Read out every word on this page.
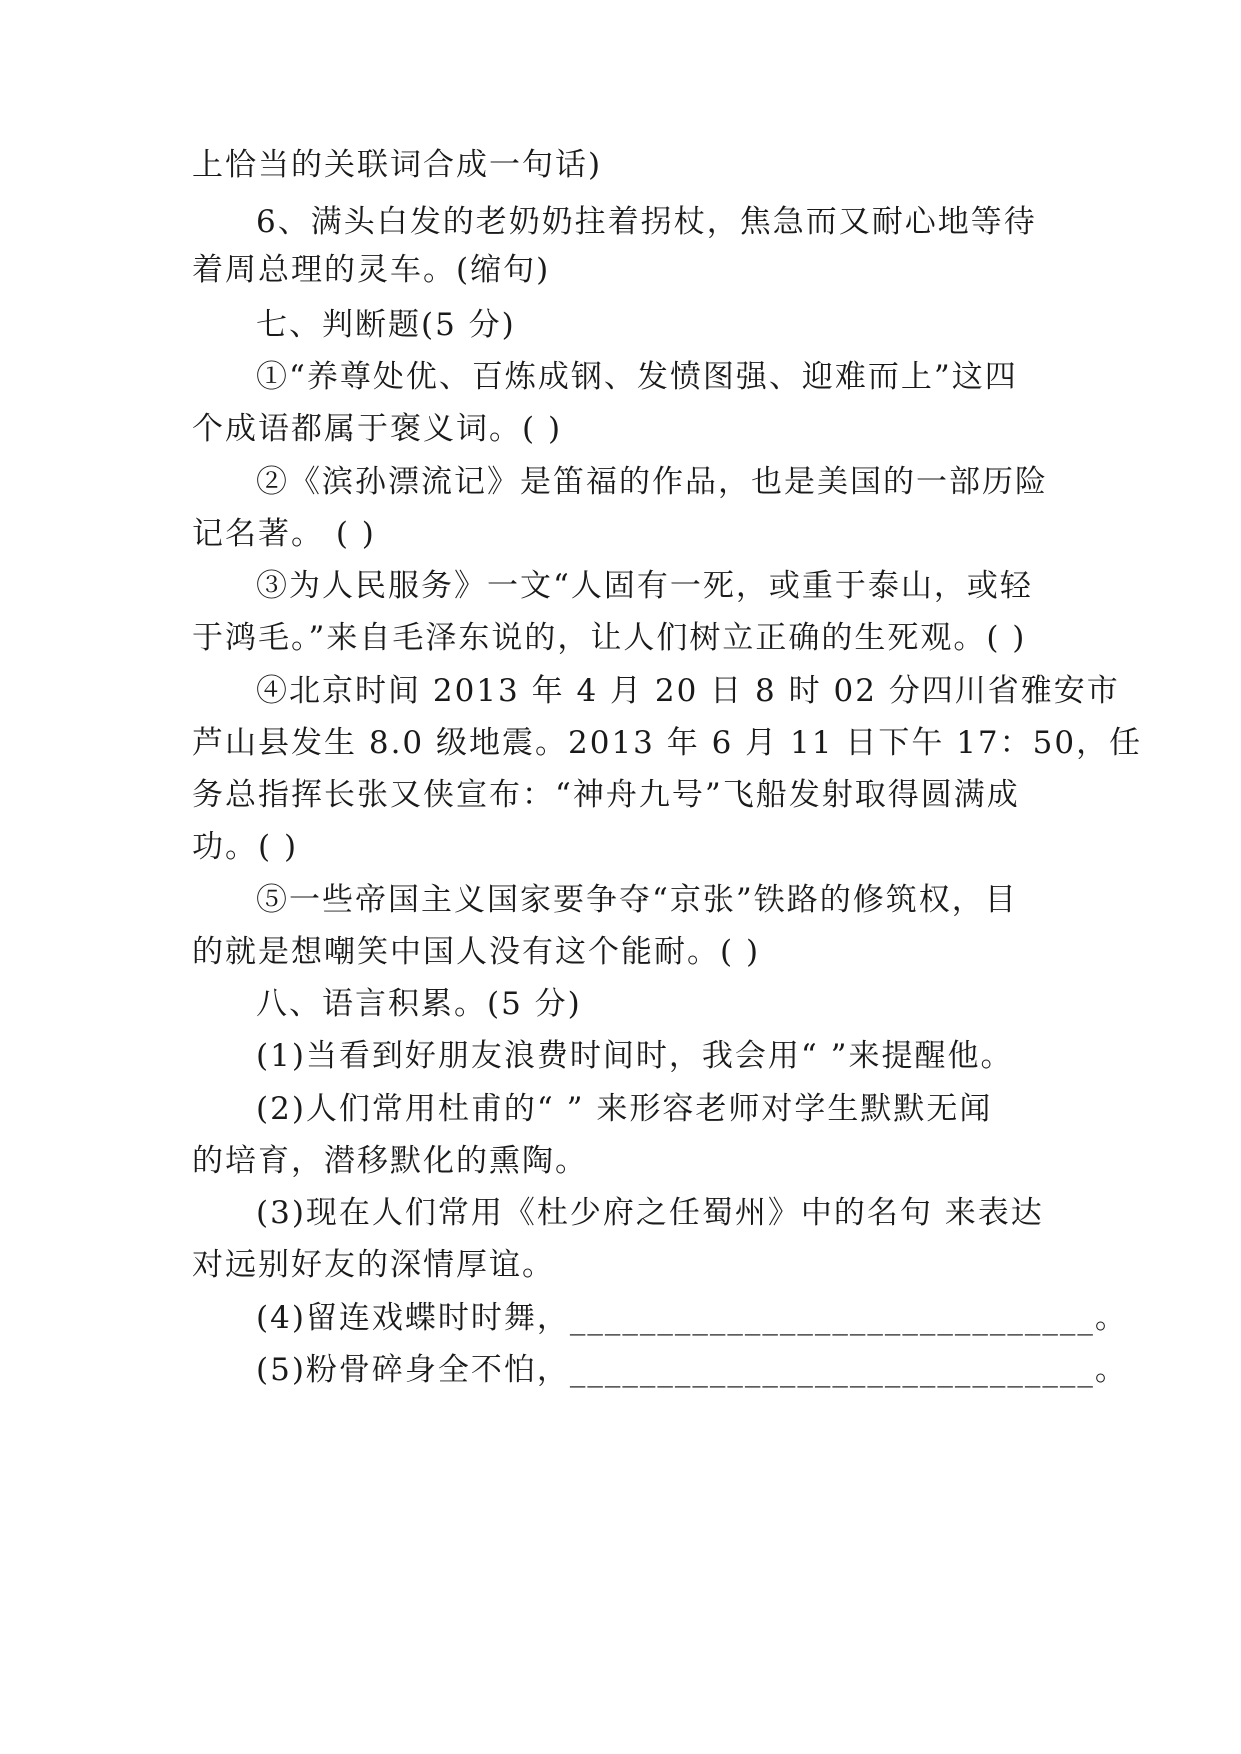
上恰当的关联词合成一句话)
6、满头白发的老奶奶拄着拐杖，焦急而又耐心地等待
着周总理的灵车。(缩句)
七、判断题(5 分)
①“养尊处优、百炼成钢、发愤图强、迎难而上”这四
个成语都属于褒义词。( )
②《滨孙漂流记》是笛福的作品，也是美国的一部历险
记名著。 ( )
③为人民服务》一文“人固有一死，或重于泰山，或轻
于鸿毛。”来自毛泽东说的，让人们树立正确的生死观。( )
④北京时间 2013 年 4 月 20 日 8 时 02 分四川省雅安市
芦山县发生 8.0 级地震。2013 年 6 月 11 日下午 17：50，任
务总指挥长张又侠宣布：“神舟九号”飞船发射取得圆满成
功。( )
⑤一些帝国主义国家要争夺“京张”铁路的修筑权，目
的就是想嘲笑中国人没有这个能耐。( )
八、语言积累。(5 分)
(1)当看到好朋友浪费时间时，我会用“ ”来提醒他。
(2)人们常用杜甫的“ ” 来形容老师对学生默默无闻
的培育，潜移默化的熏陶。
(3)现在人们常用《杜少府之任蜀州》中的名句 来表达
对远别好友的深情厚谊。
(4)留连戏蝶时时舞，______________________________。
(5)粉骨碎身全不怕，______________________________。
